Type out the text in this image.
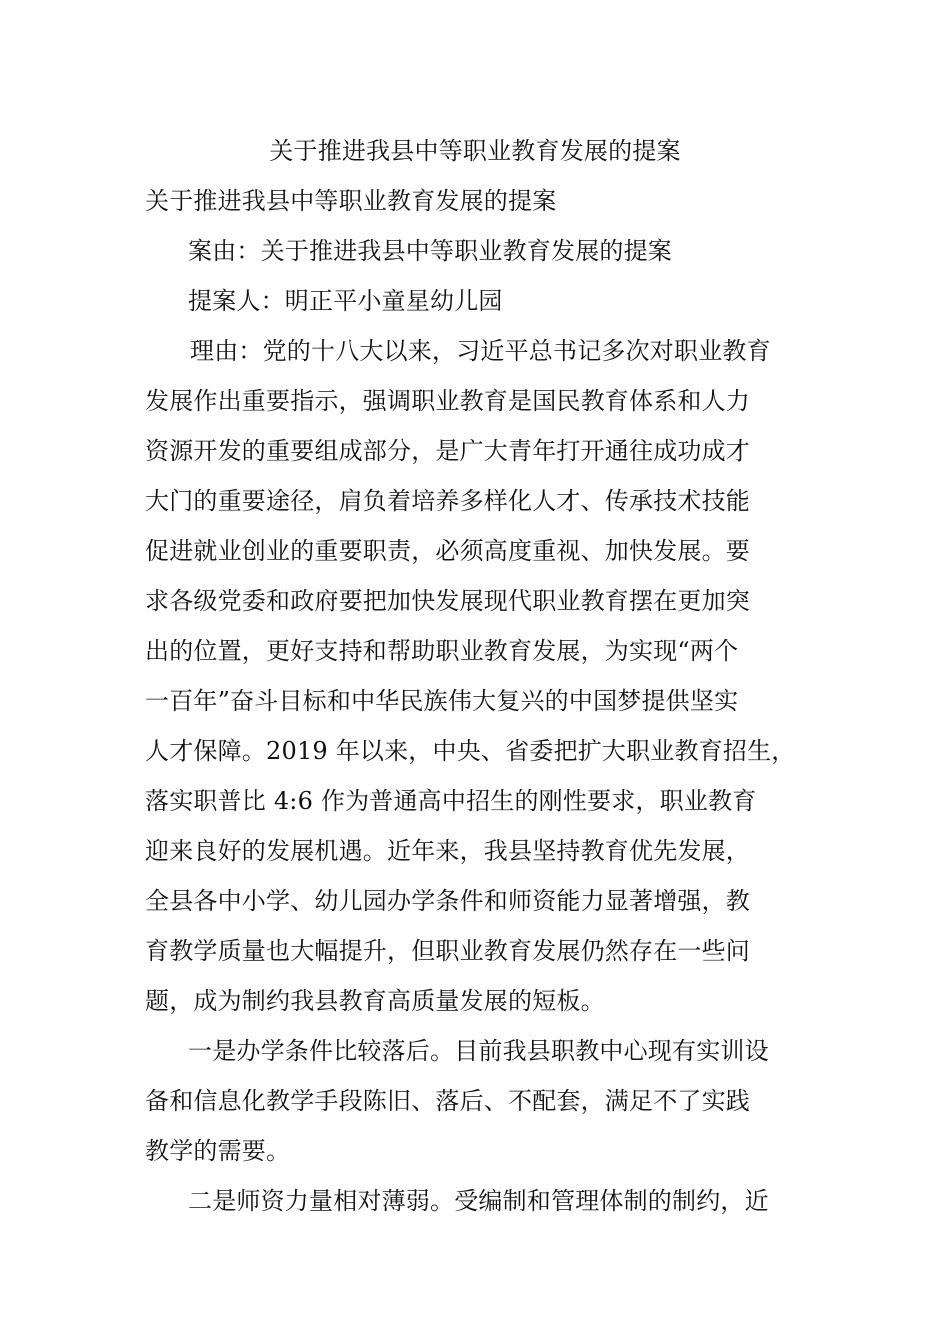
关于推进我县中等职业教育发展的提案
关于推进我县中等职业教育发展的提案
案由：关于推进我县中等职业教育发展的提案
提案人：明正平小童星幼儿园
理由：党的十八大以来，习近平总书记多次对职业教育
发展作出重要指示，强调职业教育是国民教育体系和人力
资源开发的重要组成部分，是广大青年打开通往成功成才
大门的重要途径，肩负着培养多样化人才、传承技术技能
促进就业创业的重要职责，必须高度重视、加快发展。要
求各级党委和政府要把加快发展现代职业教育摆在更加突
出的位置，更好支持和帮助职业教育发展，为实现“两个
一百年”奋斗目标和中华民族伟大复兴的中国梦提供坚实
人才保障。2019 年以来，中央、省委把扩大职业教育招生，
落实职普比 4:6 作为普通高中招生的刚性要求，职业教育
迎来良好的发展机遇。近年来，我县坚持教育优先发展，
全县各中小学、幼儿园办学条件和师资能力显著增强，教
育教学质量也大幅提升，但职业教育发展仍然存在一些问
题，成为制约我县教育高质量发展的短板。
一是办学条件比较落后。目前我县职教中心现有实训设
备和信息化教学手段陈旧、落后、不配套，满足不了实践
教学的需要。
二是师资力量相对薄弱。受编制和管理体制的制约，近
